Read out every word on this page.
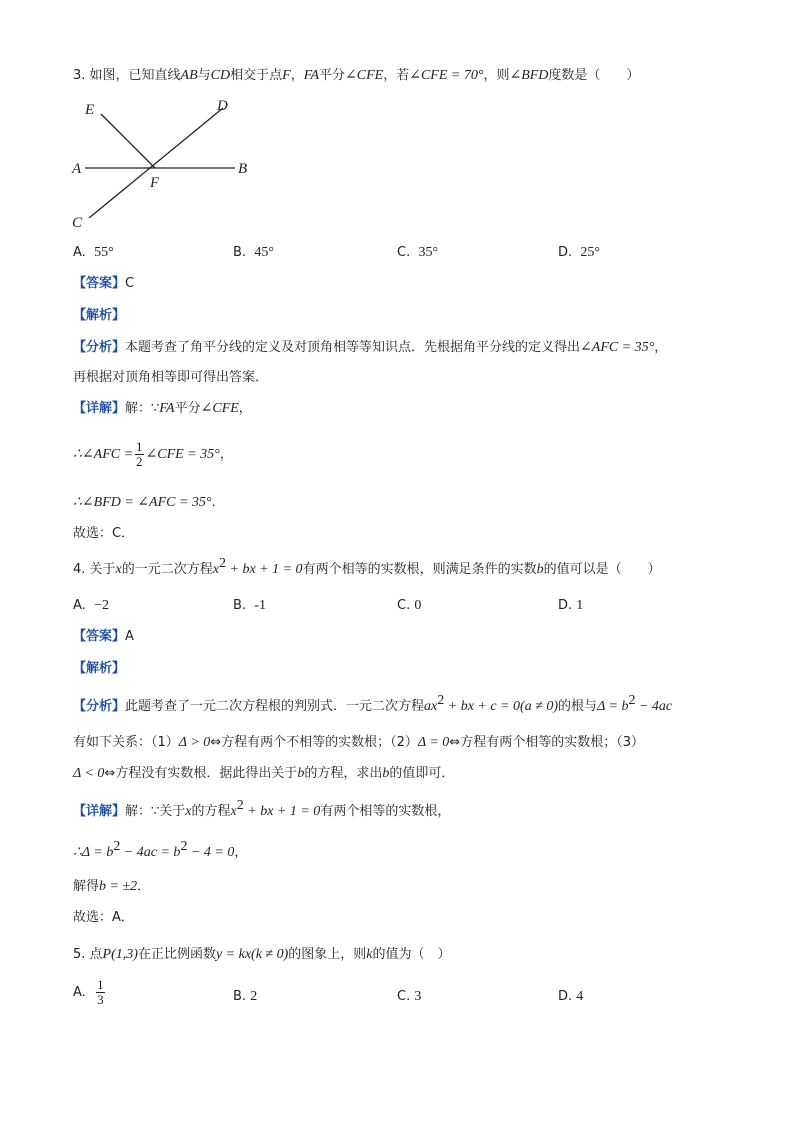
3. 如图，已知直线AB与CD相交于点F，FA平分∠CFE，若∠CFE = 70°，则∠BFD度数是（　　）
E	D
A
F
B
C
A. 55°	B. 45°	C. 35°	D. 25°
【答案】C
【解析】
【分析】本题考查了角平分线的定义及对顶角相等等知识点．先根据角平分线的定义得出∠AFC = 35°，
再根据对顶角相等即可得出答案．
【详解】解：∵FA平分∠CFE，
∴∠AFC = $\frac{1}{2}$ ∠CFE = 35°，
∴∠BFD = ∠AFC = 35°．
故选：C．
4. 关于x的一元二次方程$x^2$ + bx + 1 = 0有两个相等的实数根，则满足条件的实数b的值可以是（　　）
A. −2	B. -1	C. 0	D. 1
【答案】A
【解析】
【分析】此题考查了一元二次方程根的判别式．一元二次方程$ax^2$ + bx + c = 0(a ≠ 0)的根与$\Delta = b^2 - 4ac$
有如下关系：（1）Δ > 0⇔方程有两个不相等的实数根；（2）Δ = 0⇔方程有两个相等的实数根；（3）
Δ < 0⇔方程没有实数根．据此得出关于b的方程，求出b的值即可．
【详解】解：∵关于x的方程$x^2$ + bx + 1 = 0有两个相等的实数根，
∴Δ = $b^2 - 4ac = b^2 - 4 = 0$，
解得b = ±2．
故选：A．
5. 点P(1,3)在正比例函数y = kx(k ≠ 0)的图象上，则k的值为（　）
A. $\frac{1}{3}$	B. 2	C. 3	D. 4
